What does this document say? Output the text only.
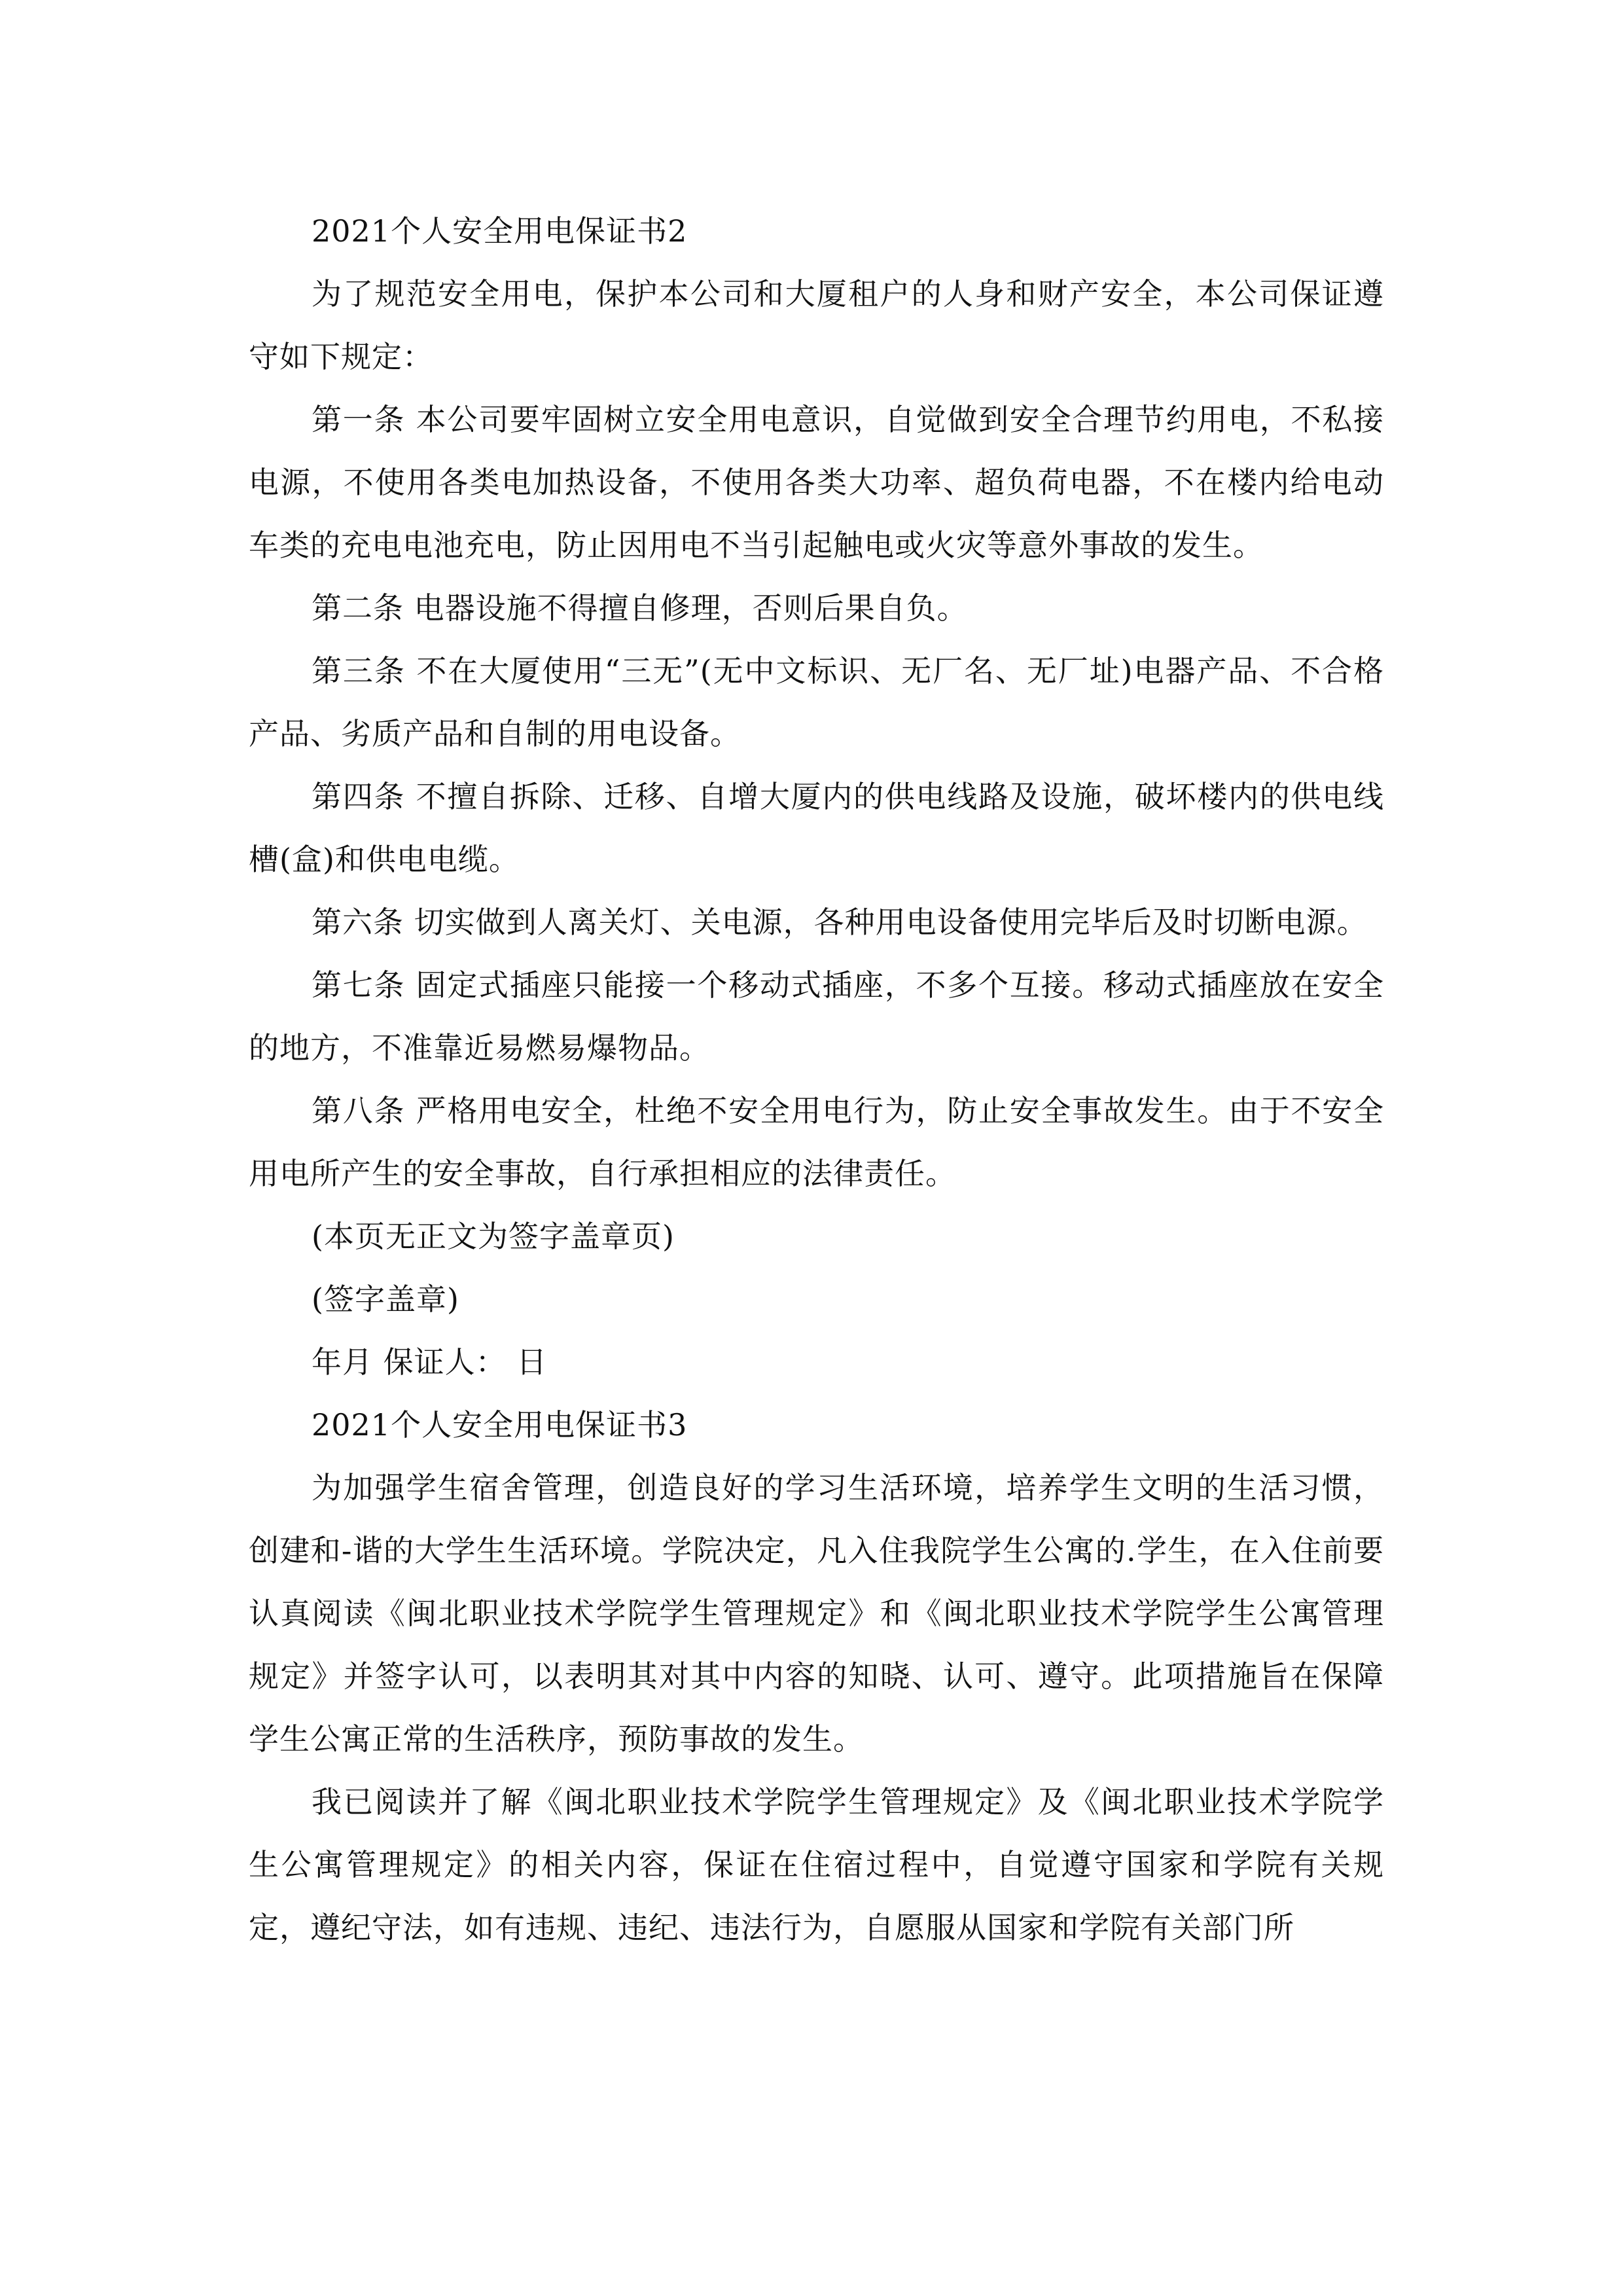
2021个人安全用电保证书2

为了规范安全用电，保护本公司和大厦租户的人身和财产安全，本公司保证遵守如下规定：

第一条 本公司要牢固树立安全用电意识，自觉做到安全合理节约用电，不私接电源，不使用各类电加热设备，不使用各类大功率、超负荷电器，不在楼内给电动车类的充电电池充电，防止因用电不当引起触电或火灾等意外事故的发生。

第二条 电器设施不得擅自修理，否则后果自负。

第三条 不在大厦使用“三无”(无中文标识、无厂名、无厂址)电器产品、不合格产品、劣质产品和自制的用电设备。

第四条 不擅自拆除、迁移、自增大厦内的供电线路及设施，破坏楼内的供电线槽(盒)和供电电缆。

第六条 切实做到人离关灯、关电源，各种用电设备使用完毕后及时切断电源。

第七条 固定式插座只能接一个移动式插座，不多个互接。移动式插座放在安全的地方，不准靠近易燃易爆物品。

第八条 严格用电安全，杜绝不安全用电行为，防止安全事故发生。由于不安全用电所产生的安全事故，自行承担相应的法律责任。

(本页无正文为签字盖章页)

(签字盖章)

年月 保证人： 日

2021个人安全用电保证书3

为加强学生宿舍管理，创造良好的学习生活环境，培养学生文明的生活习惯，创建和-谐的大学生生活环境。学院决定，凡入住我院学生公寓的.学生，在入住前要认真阅读《闽北职业技术学院学生管理规定》和《闽北职业技术学院学生公寓管理规定》并签字认可，以表明其对其中内容的知晓、认可、遵守。此项措施旨在保障学生公寓正常的生活秩序，预防事故的发生。

我已阅读并了解《闽北职业技术学院学生管理规定》及《闽北职业技术学院学生公寓管理规定》的相关内容，保证在住宿过程中，自觉遵守国家和学院有关规定，遵纪守法，如有违规、违纪、违法行为，自愿服从国家和学院有关部门所
